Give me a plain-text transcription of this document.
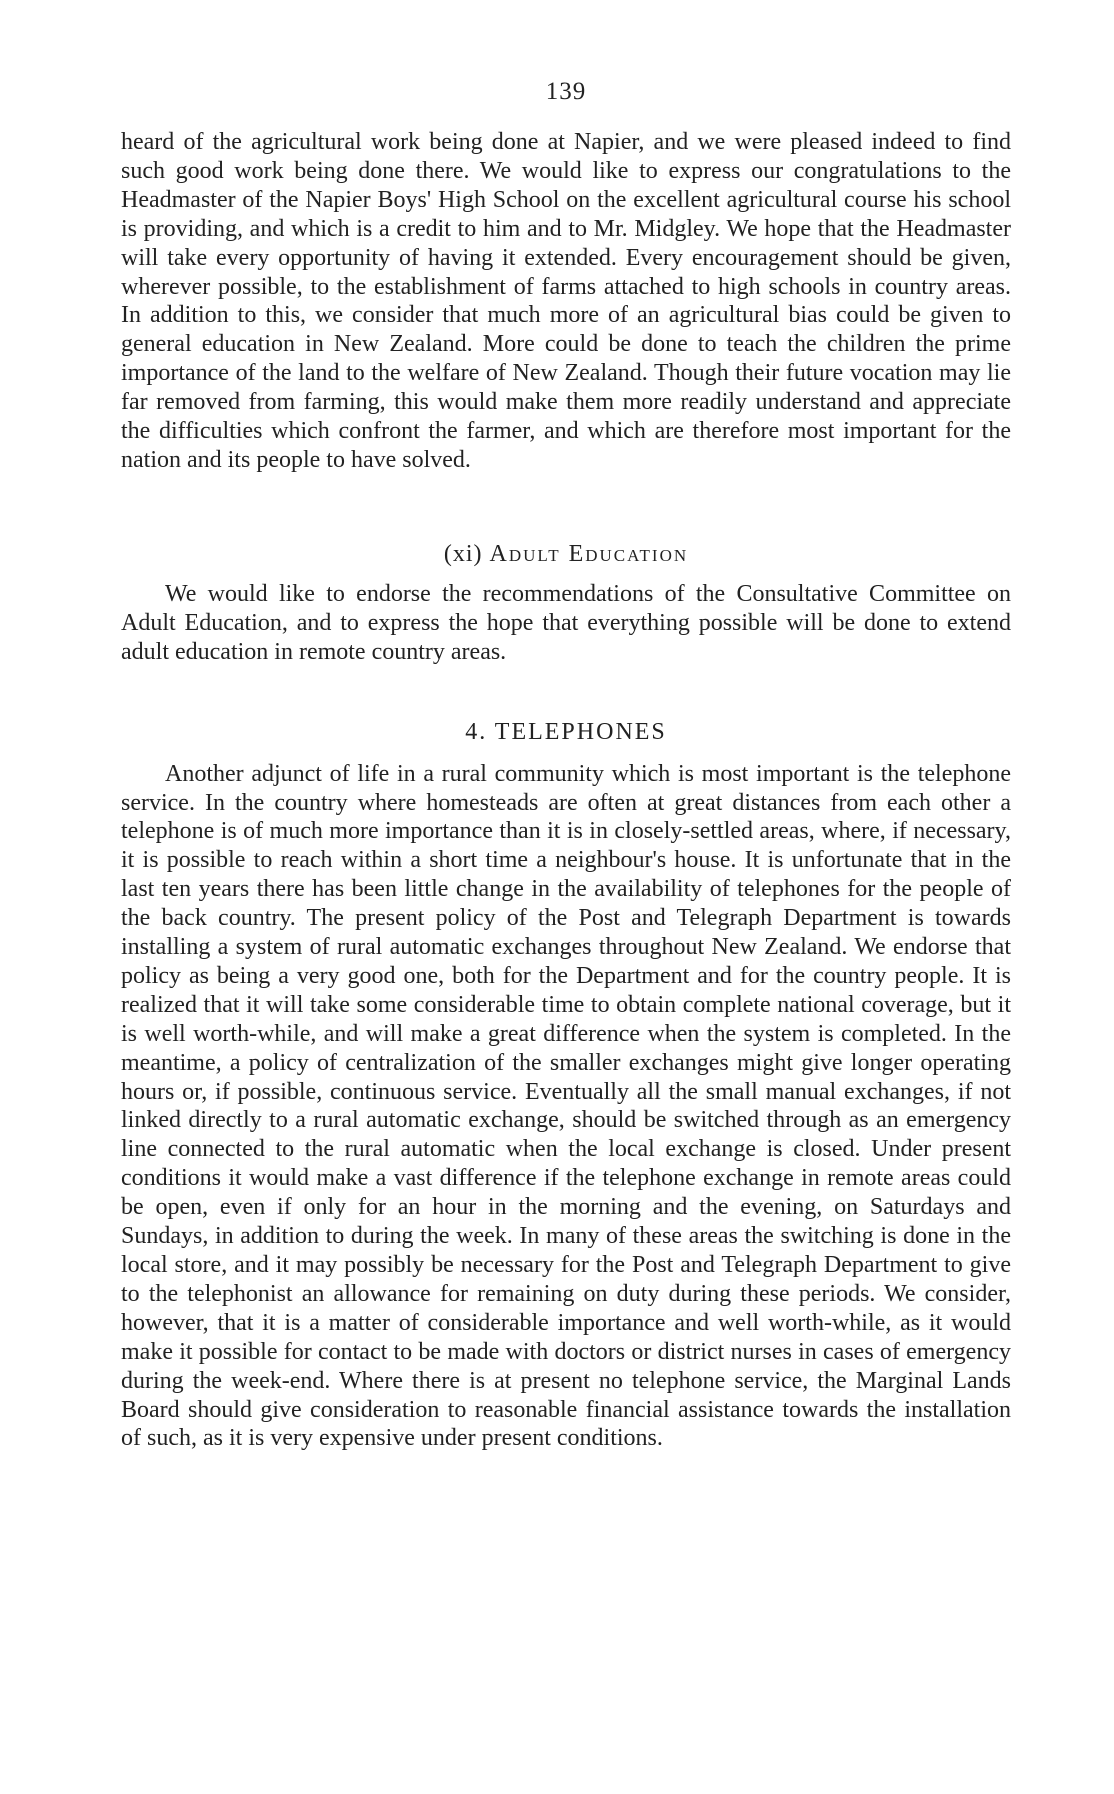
139

heard of the agricultural work being done at Napier, and we were pleased indeed to find such good work being done there. We would like to express our congratulations to the Headmaster of the Napier Boys' High School on the excellent agricultural course his school is providing, and which is a credit to him and to Mr. Midgley. We hope that the Headmaster will take every opportunity of having it extended. Every encouragement should be given, wherever possible, to the establishment of farms attached to high schools in country areas. In addition to this, we consider that much more of an agricultural bias could be given to general education in New Zealand. More could be done to teach the children the prime importance of the land to the welfare of New Zealand. Though their future vocation may lie far removed from farming, this would make them more readily understand and appreciate the difficulties which confront the farmer, and which are therefore most important for the nation and its people to have solved.

(xi) Adult Education

We would like to endorse the recommendations of the Consultative Committee on Adult Education, and to express the hope that everything possible will be done to extend adult education in remote country areas.

4. TELEPHONES

Another adjunct of life in a rural community which is most important is the telephone service. In the country where homesteads are often at great distances from each other a telephone is of much more importance than it is in closely-settled areas, where, if necessary, it is possible to reach within a short time a neighbour's house. It is unfortunate that in the last ten years there has been little change in the availability of telephones for the people of the back country. The present policy of the Post and Telegraph Department is towards installing a system of rural automatic exchanges throughout New Zealand. We endorse that policy as being a very good one, both for the Department and for the country people. It is realized that it will take some considerable time to obtain complete national coverage, but it is well worth-while, and will make a great difference when the system is completed. In the meantime, a policy of centralization of the smaller exchanges might give longer operating hours or, if possible, continuous service. Eventually all the small manual exchanges, if not linked directly to a rural automatic exchange, should be switched through as an emergency line connected to the rural automatic when the local exchange is closed. Under present conditions it would make a vast difference if the telephone exchange in remote areas could be open, even if only for an hour in the morning and the evening, on Saturdays and Sundays, in addition to during the week. In many of these areas the switching is done in the local store, and it may possibly be necessary for the Post and Telegraph Department to give to the telephonist an allowance for remaining on duty during these periods. We consider, however, that it is a matter of considerable importance and well worth-while, as it would make it possible for contact to be made with doctors or district nurses in cases of emergency during the week-end. Where there is at present no telephone service, the Marginal Lands Board should give consideration to reasonable financial assistance towards the installation of such, as it is very expensive under present conditions.
